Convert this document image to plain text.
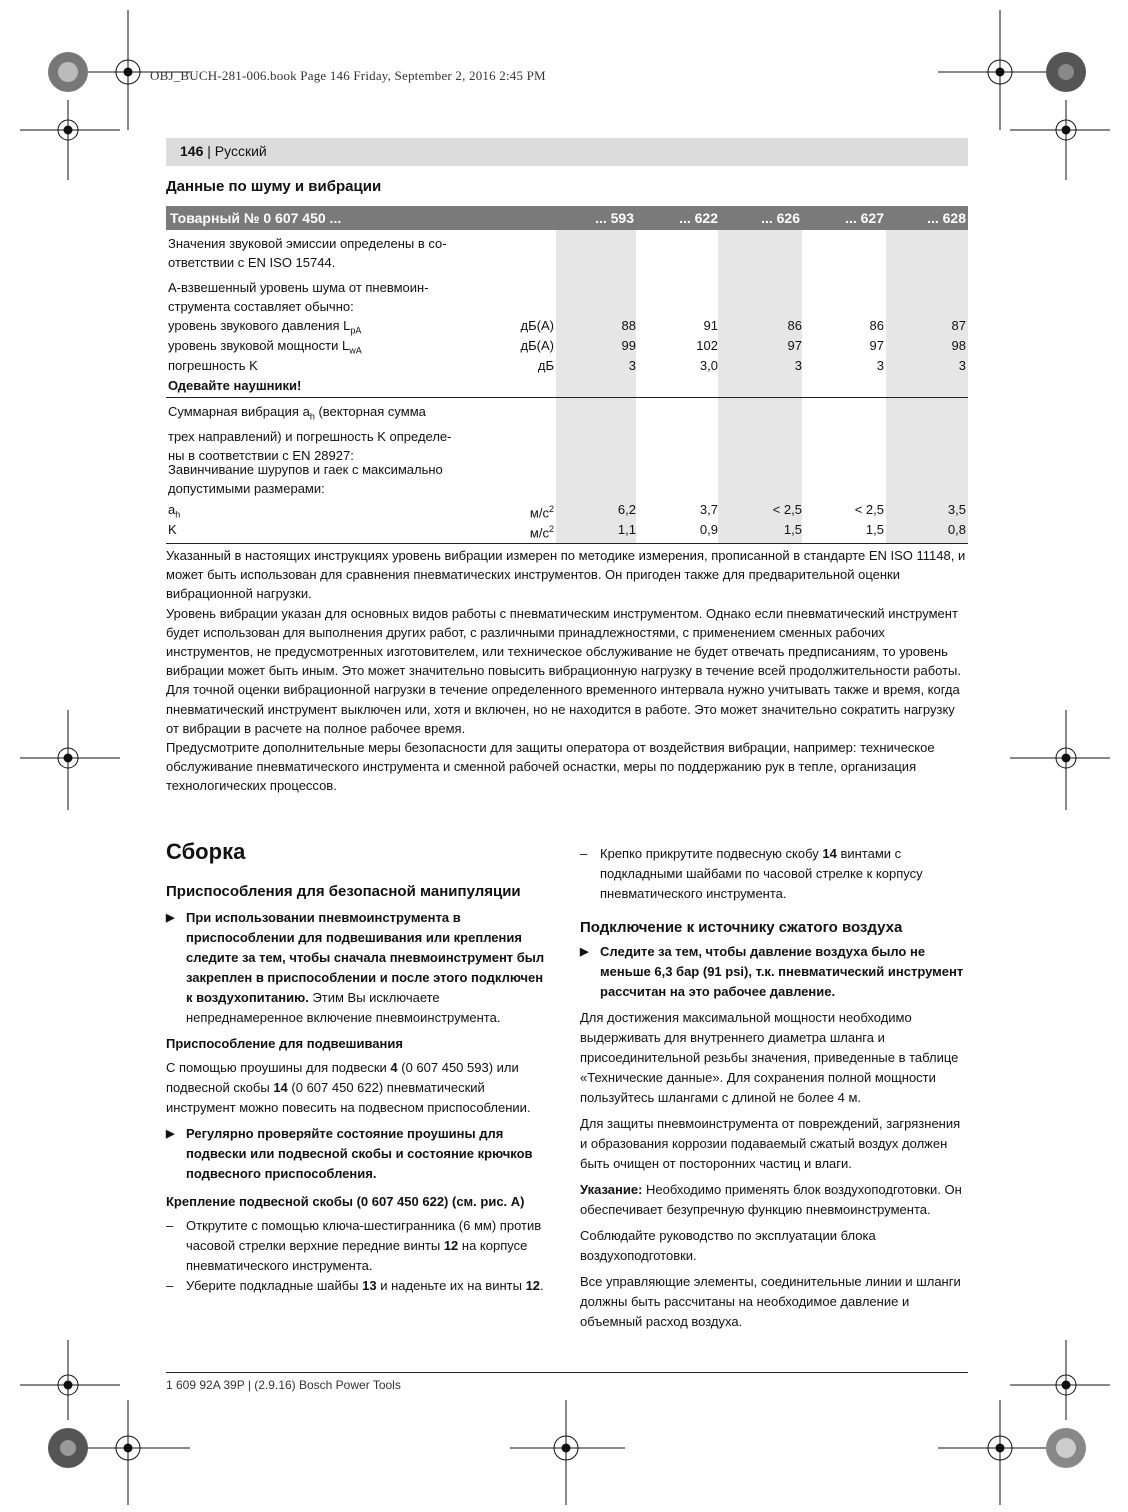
OBJ_BUCH-281-006.book Page 146 Friday, September 2, 2016 2:45 PM
146 | Русский
Данные по шуму и вибрации
Товарный № 0 607 450 ...	... 593	... 622	... 626	... 627	... 628
Значения звуковой эмиссии определены в со-
ответствии с EN ISO 15744.
А-взвешенный уровень шума от пневмоин-
струмента составляет обычно:
уровень звукового давления $L_{pA}$	дБ(A)	88	91	86	86	87
уровень звуковой мощности $L_{wA}$	дБ(A)	99	102	97	97	98
погрешность K	дБ	3	3,0	3	3	3
Одевайте наушники!
Суммарная вибрация $a_h$ (векторная сумма
трех направлений) и погрешность K определе-
ны в соответствии с EN 28927:
Завинчивание шурупов и гаек с максимально
допустимыми размерами:
$a_h$	$м/с^2$	6,2	3,7	< 2,5	< 2,5	3,5
K	$м/с^2$	1,1	0,9	1,5	1,5	0,8

Указанный в настоящих инструкциях уровень вибрации измерен по методике измерения, прописанной в стандарте EN ISO 11148, и может быть использован для сравнения пневматических инструментов. Он пригоден также для предварительной оценки вибрационной нагрузки.

Уровень вибрации указан для основных видов работы с пневматическим инструментом. Однако если пневматический инструмент будет использован для выполнения других работ, с различными принадлежностями, с применением сменных рабочих инструментов, не предусмотренных изготовителем, или техническое обслуживание не будет отвечать предписаниям, то уровень вибрации может быть иным. Это может значительно повысить вибрационную нагрузку в течение всей продолжительности работы.

Для точной оценки вибрационной нагрузки в течение определенного временного интервала нужно учитывать также и время, когда пневматический инструмент выключен или, хотя и включен, но не находится в работе. Это может значительно сократить нагрузку от вибрации в расчете на полное рабочее время.

Предусмотрите дополнительные меры безопасности для защиты оператора от воздействия вибрации, например: техническое обслуживание пневматического инструмента и сменной рабочей оснастки, меры по поддержанию рук в тепле, организация технологических процессов.

Сборка
Приспособления для безопасной манипуляции

▶ При использовании пневмоинструмента в приспособлении для подвешивания или крепления следите за тем, чтобы сначала пневмоинструмент был закреплен в приспособлении и после этого подключен к воздухопитанию. Этим Вы исключаете непреднамеренное включение пневмоинструмента.

Приспособление для подвешивания

С помощью проушины для подвески 4 (0 607 450 593) или подвесной скобы 14 (0 607 450 622) пневматический инструмент можно повесить на подвесном приспособлении.

▶ Регулярно проверяйте состояние проушины для подвески или подвесной скобы и состояние крючков подвесного приспособления.

Крепление подвесной скобы (0 607 450 622) (см. рис. A)

– Открутите с помощью ключа-шестигранника (6 мм) против часовой стрелки верхние передние винты 12 на корпусе пневматического инструмента.

– Уберите подкладные шайбы 13 и наденьте их на винты 12.

– Крепко прикрутите подвесную скобу 14 винтами с подкладными шайбами по часовой стрелке к корпусу пневматического инструмента.

Подключение к источнику сжатого воздуха

▶ Следите за тем, чтобы давление воздуха было не меньше 6,3 бар (91 psi), т.к. пневматический инструмент рассчитан на это рабочее давление.

Для достижения максимальной мощности необходимо выдерживать для внутреннего диаметра шланга и присоединительной резьбы значения, приведенные в таблице «Технические данные». Для сохранения полной мощности пользуйтесь шлангами с длиной не более 4 м.

Для защиты пневмоинструмента от повреждений, загрязнения и образования коррозии подаваемый сжатый воздух должен быть очищен от посторонних частиц и влаги.

Указание: Необходимо применять блок воздухоподготовки. Он обеспечивает безупречную функцию пневмоинструмента.

Соблюдайте руководство по эксплуатации блока воздухоподготовки.

Все управляющие элементы, соединительные линии и шланги должны быть рассчитаны на необходимое давление и объемный расход воздуха.

1 609 92A 39P | (2.9.16) Bosch Power Tools
